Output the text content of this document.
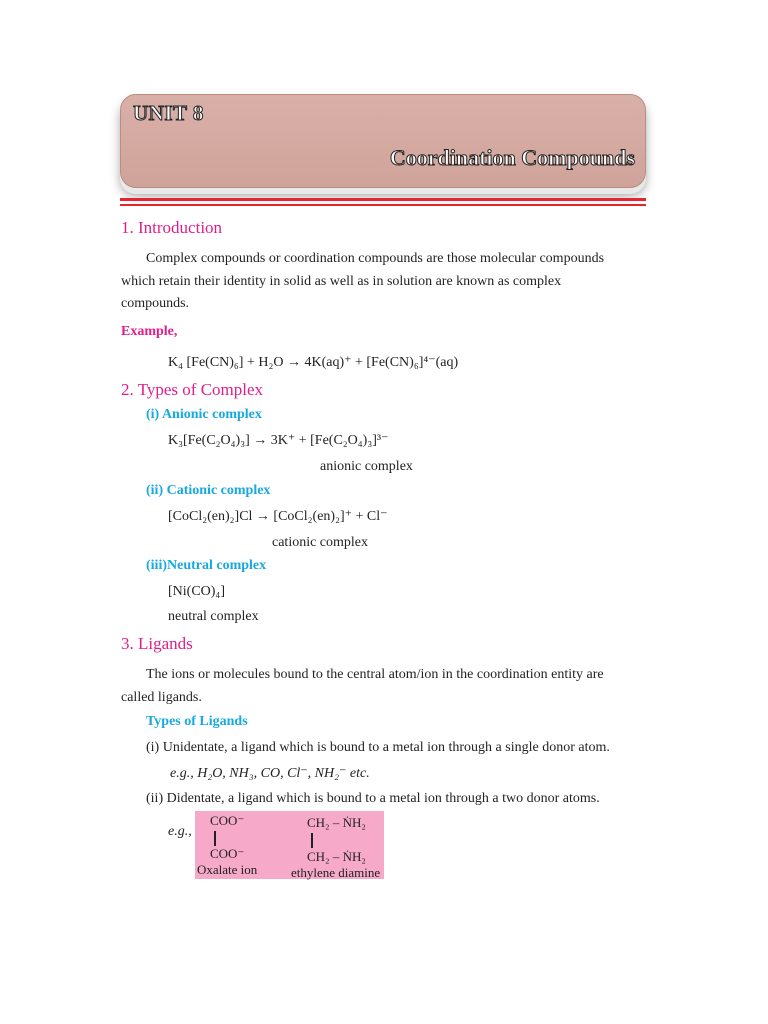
UNIT 8
Coordination Compounds
1. Introduction
Complex compounds or coordination compounds are those molecular compounds
which retain their identity in solid as well as in solution are known as complex
compounds.
Example,
K₄ [Fe(CN)₆] + H₂O → 4K(aq)⁺ + [Fe(CN)₆]⁴⁻(aq)
2. Types of Complex
(i) Anionic complex
K₃[Fe(C₂O₄)₃] → 3K⁺ + [Fe(C₂O₄)₃]³⁻
anionic complex
(ii) Cationic complex
[CoCl₂(en)₂]Cl → [CoCl₂(en)₂]⁺ + Cl⁻
cationic complex
(iii)Neutral complex
[Ni(CO)₄]
neutral complex
3. Ligands
The ions or molecules bound to the central atom/ion in the coordination entity are
called ligands.
Types of Ligands
(i) Unidentate, a ligand which is bound to a metal ion through a single donor atom.
e.g., H₂O, NH₃, CO, Cl⁻, NH₂⁻ etc.
(ii) Didentate, a ligand which is bound to a metal ion through a two donor atoms.
e.g.,
COO⁻
COO⁻
Oxalate ion
CH₂ – ṄH₂
CH₂ – ṄH₂
ethylene diamine
